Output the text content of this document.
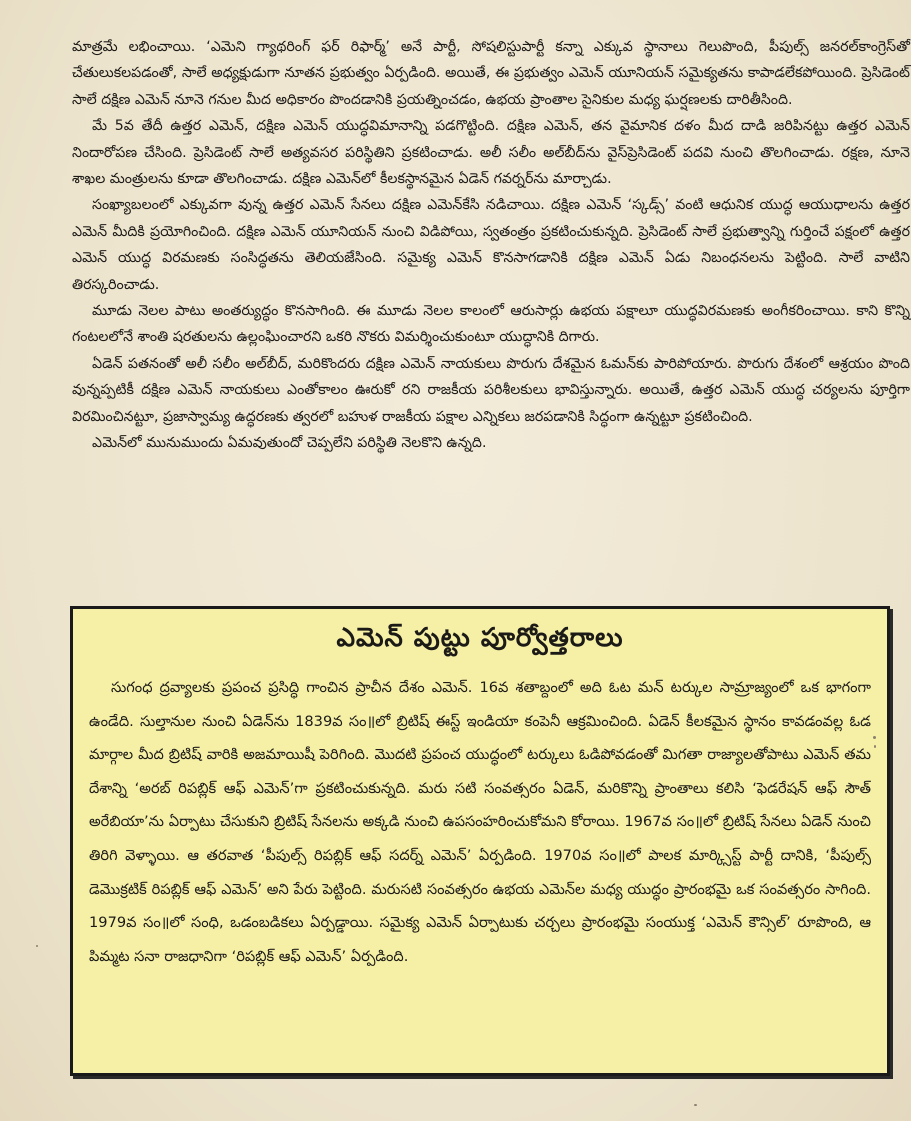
మాత్రమే లభించాయి. ‘ఎమెని గ్యాథరింగ్ ఫర్ రిఫార్మ్’ అనే పార్టీ, సోషలిస్టుపార్టీ కన్నా ఎక్కువ స్థానాలు గెలుపొంది, పీపుల్స్ జనరల్‌కాంగ్రెస్‌తో చేతులుకలపడంతో, సాలే అధ్యక్షుడుగా నూతన ప్రభుత్వం ఏర్పడింది. అయితే, ఈ ప్రభుత్వం ఎమెన్ యూనియన్ సమైక్యతను కాపాడలేకపోయింది. ప్రెసిడెంట్ సాలే దక్షిణ ఎమెన్ నూనె గనుల మీద అధికారం పొందడానికి ప్రయత్నించడం, ఉభయ ప్రాంతాల సైనికుల మధ్య ఘర్షణలకు దారితీసింది.

మే 5వ తేదీ ఉత్తర ఎమెన్, దక్షిణ ఎమెన్ యుద్ధవిమానాన్ని పడగొట్టింది. దక్షిణ ఎమెన్, తన వైమానిక దళం మీద దాడి జరిపినట్టు ఉత్తర ఎమెన్ నిందారోపణ చేసింది. ప్రెసిడెంట్ సాలే అత్యవసర పరిస్థితిని ప్రకటించాడు. అలీ సలీం అల్‌బీద్‌ను వైస్‌ప్రెసిడెంట్ పదవి నుంచి తొలగించాడు. రక్షణ, నూనె శాఖల మంత్రులను కూడా తొలగించాడు. దక్షిణ ఎమెన్‌లో కీలకస్థానమైన ఏడెన్ గవర్నర్‌ను మార్చాడు.

సంఖ్యాబలంలో ఎక్కువగా వున్న ఉత్తర ఎమెన్ సేనలు దక్షిణ ఎమెన్‌కేసి నడిచాయి. దక్షిణ ఎమెన్ ‘స్కడ్స్’ వంటి ఆధునిక యుద్ధ ఆయుధాలను ఉత్తర ఎమెన్ మీదికి ప్రయోగించింది. దక్షిణ ఎమెన్ యూనియన్ నుంచి విడిపోయి, స్వతంత్రం ప్రకటించుకున్నది. ప్రెసిడెంట్ సాలే ప్రభుత్వాన్ని గుర్తించే పక్షంలో ఉత్తర ఎమెన్ యుద్ధ విరమణకు సంసిద్ధతను తెలియజేసింది. సమైక్య ఎమెన్ కొనసాగడానికి దక్షిణ ఎమెన్ ఏడు నిబంధనలను పెట్టింది. సాలే వాటిని తిరస్కరించాడు.

మూడు నెలల పాటు అంతర్యుద్ధం కొనసాగింది. ఈ మూడు నెలల కాలంలో ఆరుసార్లు ఉభయ పక్షాలూ యుద్ధవిరమణకు అంగీకరించాయి. కాని కొన్ని గంటలలోనే శాంతి షరతులను ఉల్లంఘించారని ఒకరి నొకరు విమర్శించుకుంటూ యుద్ధానికి దిగారు.

ఏడెన్ పతనంతో అలీ సలీం అల్‌బీద్, మరికొందరు దక్షిణ ఎమెన్ నాయకులు పొరుగు దేశమైన ఓమన్‌కు పారిపోయారు. పొరుగు దేశంలో ఆశ్రయం పొంది వున్నప్పటికీ దక్షిణ ఎమెన్ నాయకులు ఎంతోకాలం ఊరుకో రని రాజకీయ పరిశీలకులు భావిస్తున్నారు. అయితే, ఉత్తర ఎమెన్ యుద్ధ చర్యలను పూర్తిగా విరమించినట్టూ, ప్రజాస్వామ్య ఉద్ధరణకు త్వరలో బహుళ రాజకీయ పక్షాల ఎన్నికలు జరపడానికి సిద్ధంగా ఉన్నట్టూ ప్రకటించింది.

ఎమెన్‌లో మునుముందు ఏమవుతుందో చెప్పలేని పరిస్థితి నెలకొని ఉన్నది.

ఎమెన్ పుట్టు పూర్వోత్తరాలు

సుగంధ ద్రవ్యాలకు ప్రపంచ ప్రసిద్ధి గాంచిన ప్రాచీన దేశం ఎమెన్. 16వ శతాబ్దంలో అది ఓట మన్ టర్కుల సామ్రాజ్యంలో ఒక భాగంగా ఉండేది. సుల్తానుల నుంచి ఏడెన్‌ను 1839వ సం॥లో బ్రిటిష్ ఈస్ట్ ఇండియా కంపెనీ ఆక్రమించింది. ఏడెన్ కీలకమైన స్థానం కావడంవల్ల ఓడ మార్గాల మీద బ్రిటిష్ వారికి అజమాయిషీ పెరిగింది. మొదటి ప్రపంచ యుద్ధంలో టర్కులు ఓడిపోవడంతో మిగతా రాజ్యాలతోపాటు ఎమెన్ తమ దేశాన్ని ‘అరబ్ రిపబ్లిక్ ఆఫ్ ఎమెన్’గా ప్రకటించుకున్నది. మరు సటి సంవత్సరం ఏడెన్, మరికొన్ని ప్రాంతాలు కలిసి ‘ఫెడరేషన్ ఆఫ్ సౌత్ అరేబియా’ను ఏర్పాటు చేసుకుని బ్రిటిష్ సేనలను అక్కడి నుంచి ఉపసంహరించుకోమని కోరాయి. 1967వ సం॥లో బ్రిటిష్ సేనలు ఏడెన్ నుంచి తిరిగి వెళ్ళాయి. ఆ తరవాత ‘పీపుల్స్ రిపబ్లిక్ ఆఫ్ సదర్న్ ఎమెన్’ ఏర్పడింది. 1970వ సం॥లో పాలక మార్క్సిస్ట్ పార్టీ దానికి, ‘పీపుల్స్ డెమొక్రటిక్ రిపబ్లిక్ ఆఫ్ ఎమెన్’ అని పేరు పెట్టింది. మరుసటి సంవత్సరం ఉభయ ఎమెన్‌ల మధ్య యుద్ధం ప్రారంభమై ఒక సంవత్సరం సాగింది. 1979వ సం॥లో సంధి, ఒడంబడికలు ఏర్పడ్డాయి. సమైక్య ఎమెన్ ఏర్పాటుకు చర్చలు ప్రారంభమై సంయుక్త ‘ఎమెన్ కౌన్సిల్’ రూపొంది, ఆ పిమ్మట సనా రాజధానిగా ‘రిపబ్లిక్ ఆఫ్ ఎమెన్’ ఏర్పడింది.
